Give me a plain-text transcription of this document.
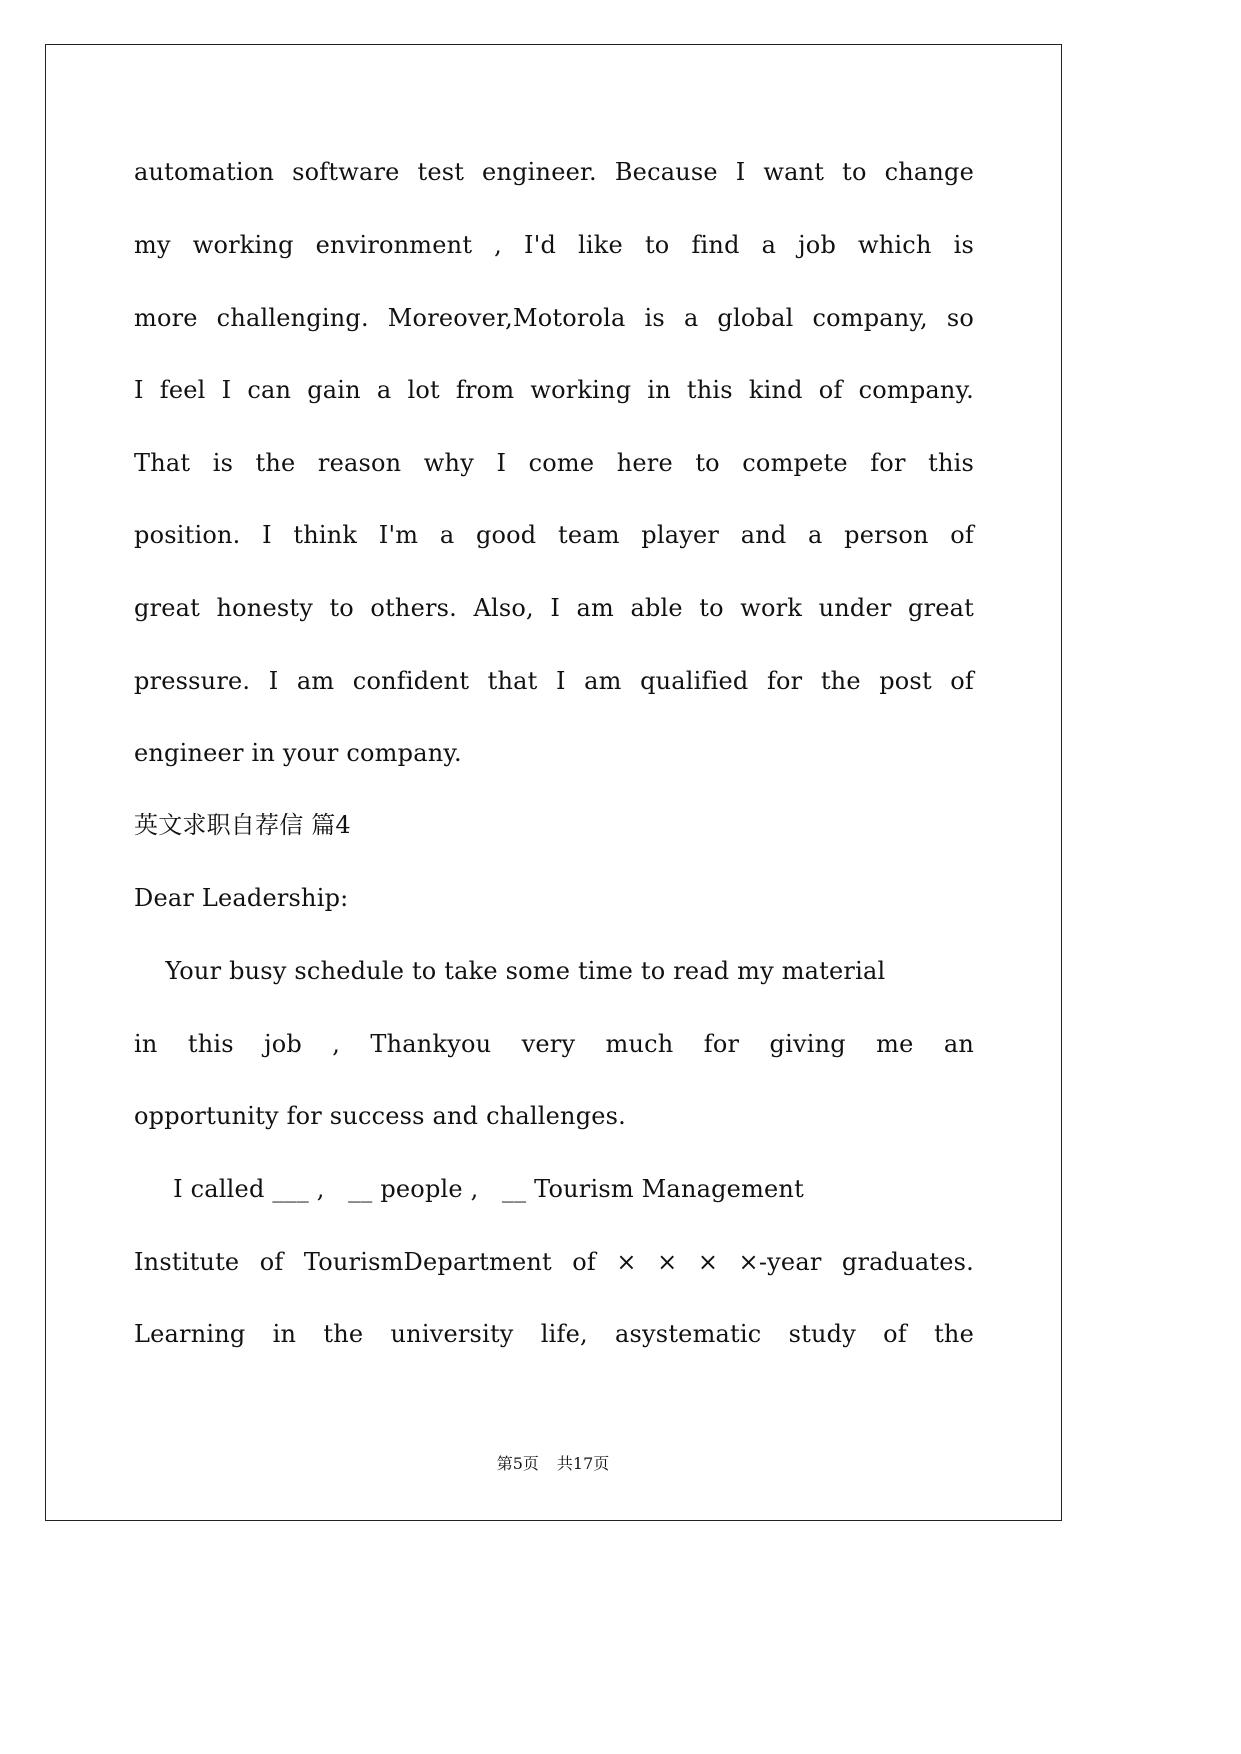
automation software test engineer. Because I want to change
my working environment , I'd like to find a job which is
more challenging. Moreover,Motorola is a global company, so
I feel I can gain a lot from working in this kind of company.
That is the reason why I come here to compete for this
position. I think I'm a good team player and a person of
great honesty to others. Also, I am able to work under great
pressure. I am confident that I am qualified for the post of
engineer in your company.
英文求职自荐信 篇4
Dear Leadership:
Your busy schedule to take some time to read my material
in this job , Thankyou very much for giving me an
opportunity for success and challenges.
I called ___ ,   __ people ,   __ Tourism Management
Institute of TourismDepartment of × × × ×-year graduates.
Learning in the university life, asystematic study of the
第5页 共17页
